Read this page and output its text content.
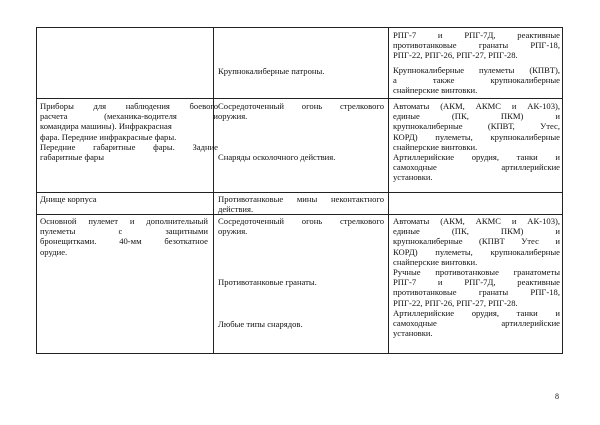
Крупнокалиберные патроны.
РПГ-7 и РПГ-7Д, реактивные
противотанковые гранаты РПГ-18,
РПГ-22, РПГ-26, РПГ-27, РПГ-28.
Крупнокалиберные пулеметы (КПВТ),
а также крупнокалиберные
снайперские винтовки.
Приборы для наблюдения боевого
расчета (механика-водителя и
командира машины). Инфракрасная
фара. Передние инфракрасные фары.
Передние габаритные фары. Задние
габаритные фары
Сосредоточенный огонь стрелкового
оружия.
Снаряды осколочного действия.
Автоматы (АКМ, АКМС и АК-103),
единые (ПК, ПКМ) и
крупнокалиберные (КПВТ, Утес,
КОРД) пулеметы, крупнокалиберные
снайперские винтовки.
Артиллерийские орудия, танки и
самоходные артиллерийские
установки.
Днище корпуса	Противотанковые мины неконтактного
действия.
Основной пулемет и дополнительный
пулеметы с защитными
бронещитками. 40-мм безоткатное
орудие.
Сосредоточенный огонь стрелкового
оружия.
Противотанковые гранаты.
Любые типы снарядов.
Автоматы (АКМ, АКМС и АК-103),
единые (ПК, ПКМ) и
крупнокалиберные (КПВТ Утес и
КОРД) пулеметы, крупнокалиберные
снайперские винтовки.
Ручные противотанковые гранатометы
РПГ-7 и РПГ-7Д, реактивные
противотанковые гранаты РПГ-18,
РПГ-22, РПГ-26, РПГ-27, РПГ-28.
Артиллерийские орудия, танки и
самоходные артиллерийские
установки.
8
